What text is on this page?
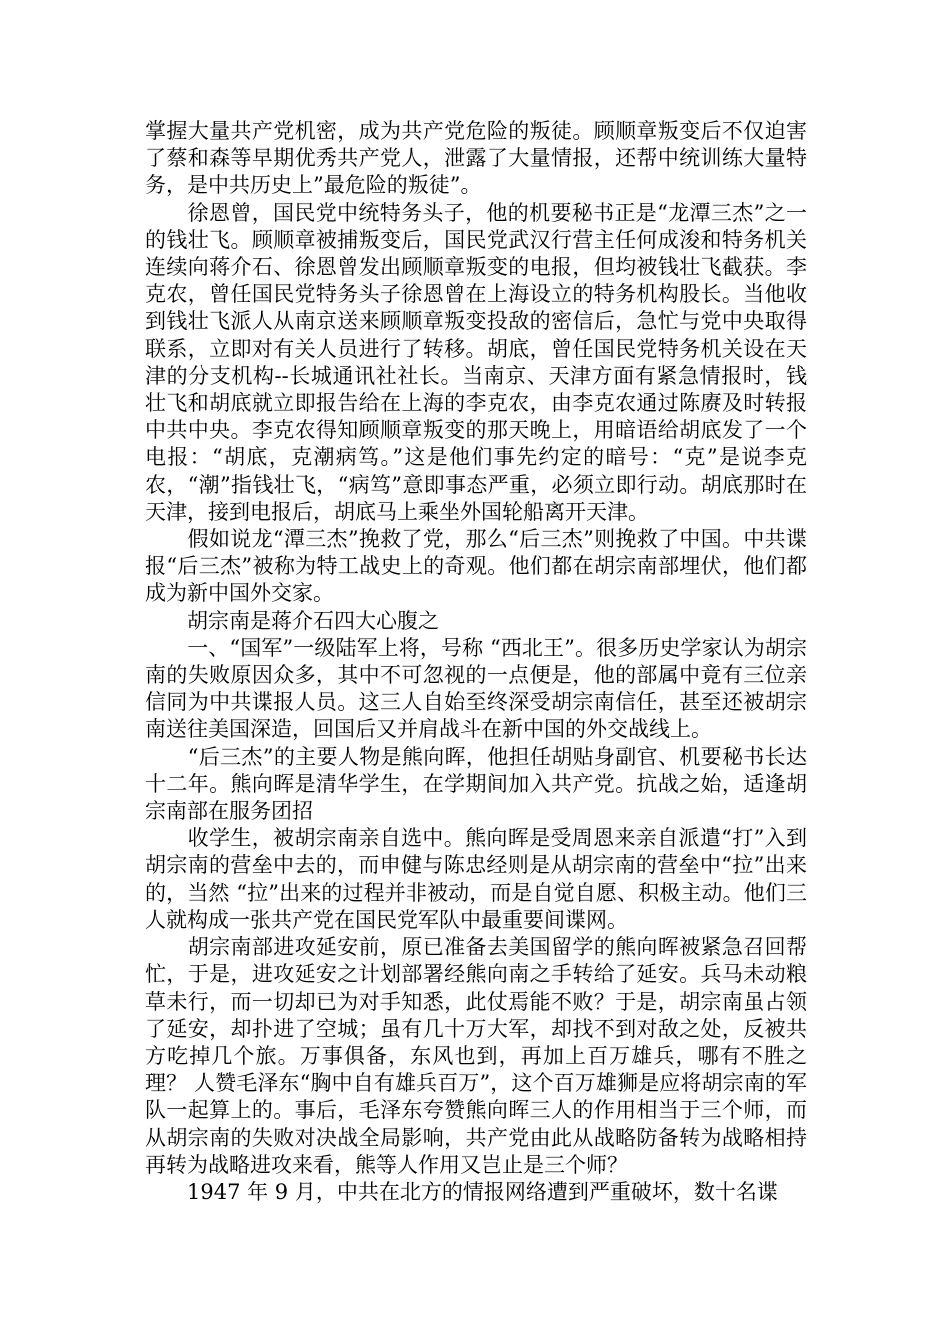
掌握大量共产党机密，成为共产党危险的叛徒。顾顺章叛变后不仅迫害了蔡和森等早期优秀共产党人，泄露了大量情报，还帮中统训练大量特务，是中共历史上”最危险的叛徒”。

　　徐恩曾，国民党中统特务头子，他的机要秘书正是“龙潭三杰”之一的钱壮飞。顾顺章被捕叛变后，国民党武汉行营主任何成浚和特务机关连续向蒋介石、徐恩曾发出顾顺章叛变的电报，但均被钱壮飞截获。李克农，曾任国民党特务头子徐恩曾在上海设立的特务机构股长。当他收到钱壮飞派人从南京送来顾顺章叛变投敌的密信后，急忙与党中央取得联系，立即对有关人员进行了转移。胡底，曾任国民党特务机关设在天津的分支机构--长城通讯社社长。当南京、天津方面有紧急情报时，钱壮飞和胡底就立即报告给在上海的李克农，由李克农通过陈赓及时转报中共中央。李克农得知顾顺章叛变的那天晚上，用暗语给胡底发了一个电报：“胡底，克潮病笃。”这是他们事先约定的暗号：“克”是说李克农，“潮”指钱壮飞，“病笃”意即事态严重，必须立即行动。胡底那时在天津，接到电报后，胡底马上乘坐外国轮船离开天津。

　　假如说龙“潭三杰”挽救了党，那么“后三杰”则挽救了中国。中共谍报“后三杰”被称为特工战史上的奇观。他们都在胡宗南部埋伏，他们都成为新中国外交家。

　　胡宗南是蒋介石四大心腹之

　　一、“国军”一级陆军上将，号称 “西北王”。很多历史学家认为胡宗南的失败原因众多，其中不可忽视的一点便是，他的部属中竟有三位亲信同为中共谍报人员。这三人自始至终深受胡宗南信任，甚至还被胡宗南送往美国深造，回国后又并肩战斗在新中国的外交战线上。

　　“后三杰”的主要人物是熊向晖，他担任胡贴身副官、机要秘书长达十二年。熊向晖是清华学生，在学期间加入共产党。抗战之始，适逢胡宗南部在服务团招

　　收学生，被胡宗南亲自选中。熊向晖是受周恩来亲自派遣“打”入到胡宗南的营垒中去的，而申健与陈忠经则是从胡宗南的营垒中“拉”出来的，当然 “拉”出来的过程并非被动，而是自觉自愿、积极主动。他们三人就构成一张共产党在国民党军队中最重要间谍网。

　　胡宗南部进攻延安前，原已准备去美国留学的熊向晖被紧急召回帮忙，于是，进攻延安之计划部署经熊向南之手转给了延安。兵马未动粮草未行，而一切却已为对手知悉，此仗焉能不败？于是，胡宗南虽占领了延安，却扑进了空城；虽有几十万大军，却找不到对敌之处，反被共方吃掉几个旅。万事俱备，东风也到，再加上百万雄兵，哪有不胜之理？ 人赞毛泽东“胸中自有雄兵百万”，这个百万雄狮是应将胡宗南的军队一起算上的。事后，毛泽东夸赞熊向晖三人的作用相当于三个师，而从胡宗南的失败对决战全局影响，共产党由此从战略防备转为战略相持再转为战略进攻来看，熊等人作用又岂止是三个师？

　　1947 年 9 月，中共在北方的情报网络遭到严重破坏，数十名谍
